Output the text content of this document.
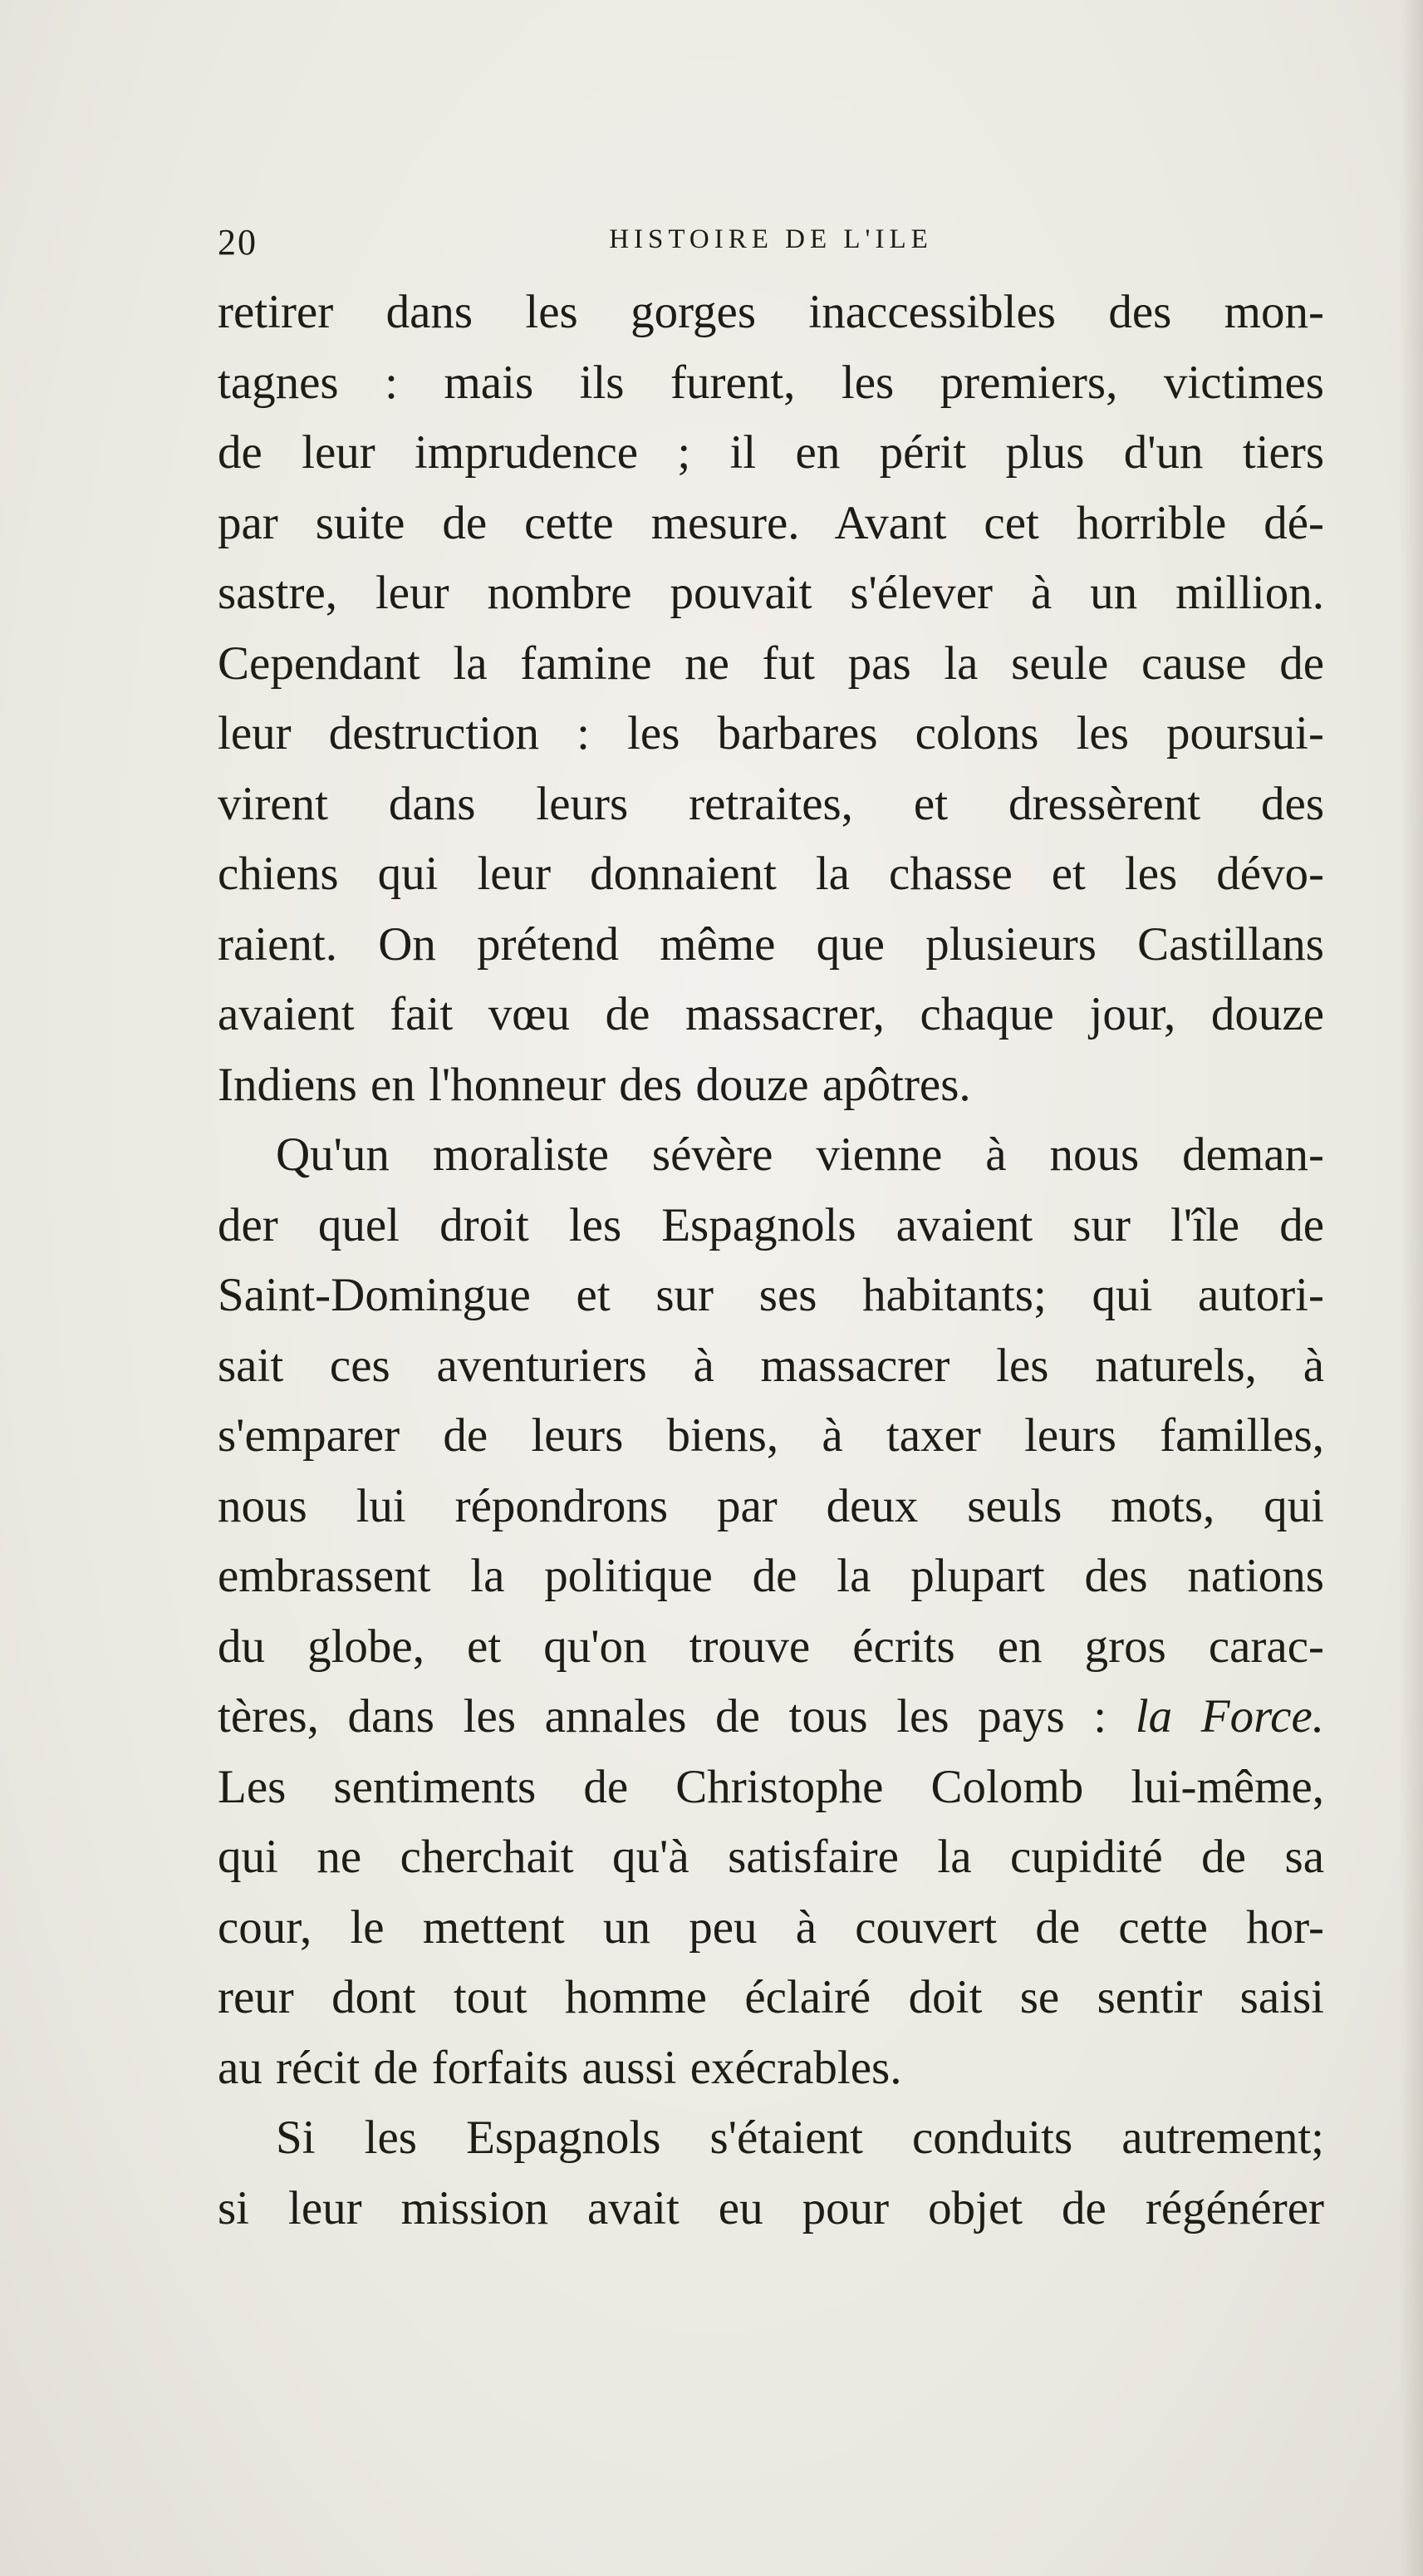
20	HISTOIRE DE L'ILE
retirer dans les gorges inaccessibles des mon-
tagnes : mais ils furent, les premiers, victimes
de leur imprudence ; il en périt plus d'un tiers
par suite de cette mesure. Avant cet horrible dé-
sastre, leur nombre pouvait s'élever à un million.
Cependant la famine ne fut pas la seule cause de
leur destruction : les barbares colons les poursui-
virent dans leurs retraites, et dressèrent des
chiens qui leur donnaient la chasse et les dévo-
raient. On prétend même que plusieurs Castillans
avaient fait vœu de massacrer, chaque jour, douze
Indiens en l'honneur des douze apôtres.
Qu'un moraliste sévère vienne à nous deman-
der quel droit les Espagnols avaient sur l'île de
Saint-Domingue et sur ses habitants; qui autori-
sait ces aventuriers à massacrer les naturels, à
s'emparer de leurs biens, à taxer leurs familles,
nous lui répondrons par deux seuls mots, qui
embrassent la politique de la plupart des nations
du globe, et qu'on trouve écrits en gros carac-
tères, dans les annales de tous les pays : la Force.
Les sentiments de Christophe Colomb lui-même,
qui ne cherchait qu'à satisfaire la cupidité de sa
cour, le mettent un peu à couvert de cette hor-
reur dont tout homme éclairé doit se sentir saisi
au récit de forfaits aussi exécrables.
Si les Espagnols s'étaient conduits autrement;
si leur mission avait eu pour objet de régénérer
